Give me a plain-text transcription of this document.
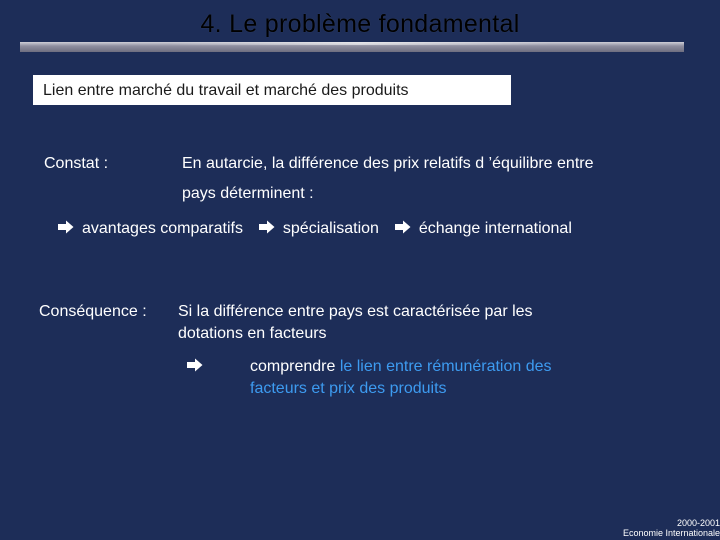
4. Le problème fondamental
Lien entre marché du travail et marché des produits
Constat :	En autarcie, la différence des prix relatifs d ’équilibre entre
pays déterminent :
avantages comparatifs spécialisation échange international
Conséquence : Si la différence entre pays est caractérisée par les
dotations en facteurs
comprendre le lien entre rémunération des
facteurs et prix des produits
2000-2001
Economie Internationale
